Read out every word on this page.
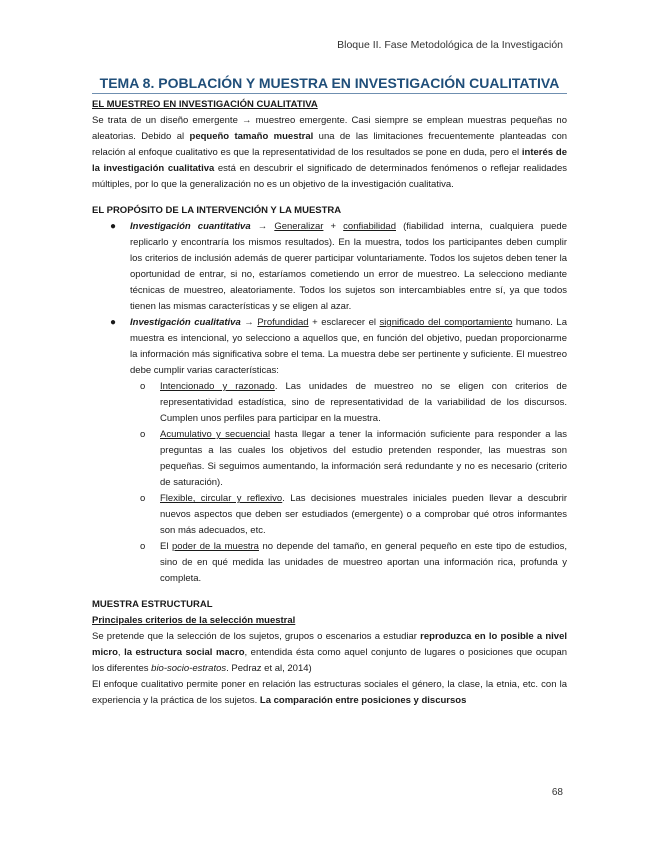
Bloque II. Fase Metodológica de la Investigación
TEMA 8. POBLACIÓN Y MUESTRA EN INVESTIGACIÓN CUALITATIVA

EL MUESTREO EN INVESTIGACIÓN CUALITATIVA

Se trata de un diseño emergente → muestreo emergente. Casi siempre se emplean muestras pequeñas no aleatorias. Debido al pequeño tamaño muestral una de las limitaciones frecuentemente planteadas con relación al enfoque cualitativo es que la representatividad de los resultados se pone en duda, pero el interés de la investigación cualitativa está en descubrir el significado de determinados fenómenos o reflejar realidades múltiples, por lo que la generalización no es un objetivo de la investigación cualitativa.

EL PROPÓSITO DE LA INTERVENCIÓN Y LA MUESTRA

● Investigación cuantitativa → Generalizar + confiabilidad (fiabilidad interna, cualquiera puede replicarlo y encontraría los mismos resultados). En la muestra, todos los participantes deben cumplir los criterios de inclusión además de querer participar voluntariamente. Todos los sujetos deben tener la oportunidad de entrar, si no, estaríamos cometiendo un error de muestreo. La selecciono mediante técnicas de muestreo, aleatoriamente. Todos los sujetos son intercambiables entre sí, ya que todos tienen las mismas características y se eligen al azar.
● Investigación cualitativa → Profundidad + esclarecer el significado del comportamiento humano. La muestra es intencional, yo selecciono a aquellos que, en función del objetivo, puedan proporcionarme la información más significativa sobre el tema. La muestra debe ser pertinente y suficiente. El muestreo debe cumplir varias características:
o Intencionado y razonado. Las unidades de muestreo no se eligen con criterios de representatividad estadística, sino de representatividad de la variabilidad de los discursos. Cumplen unos perfiles para participar en la muestra.
o Acumulativo y secuencial hasta llegar a tener la información suficiente para responder a las preguntas a las cuales los objetivos del estudio pretenden responder, las muestras son pequeñas. Si seguimos aumentando, la información será redundante y no es necesario (criterio de saturación).
o Flexible, circular y reflexivo. Las decisiones muestrales iniciales pueden llevar a descubrir nuevos aspectos que deben ser estudiados (emergente) o a comprobar qué otros informantes son más adecuados, etc.
o El poder de la muestra no depende del tamaño, en general pequeño en este tipo de estudios, sino de en qué medida las unidades de muestreo aportan una información rica, profunda y completa.

MUESTRA ESTRUCTURAL

Principales criterios de la selección muestral

Se pretende que la selección de los sujetos, grupos o escenarios a estudiar reproduzca en lo posible a nivel micro, la estructura social macro, entendida ésta como aquel conjunto de lugares o posiciones que ocupan los diferentes bio-socio-estratos. Pedraz et al, 2014)

El enfoque cualitativo permite poner en relación las estructuras sociales el género, la clase, la etnia, etc. con la experiencia y la práctica de los sujetos. La comparación entre posiciones y discursos

68
